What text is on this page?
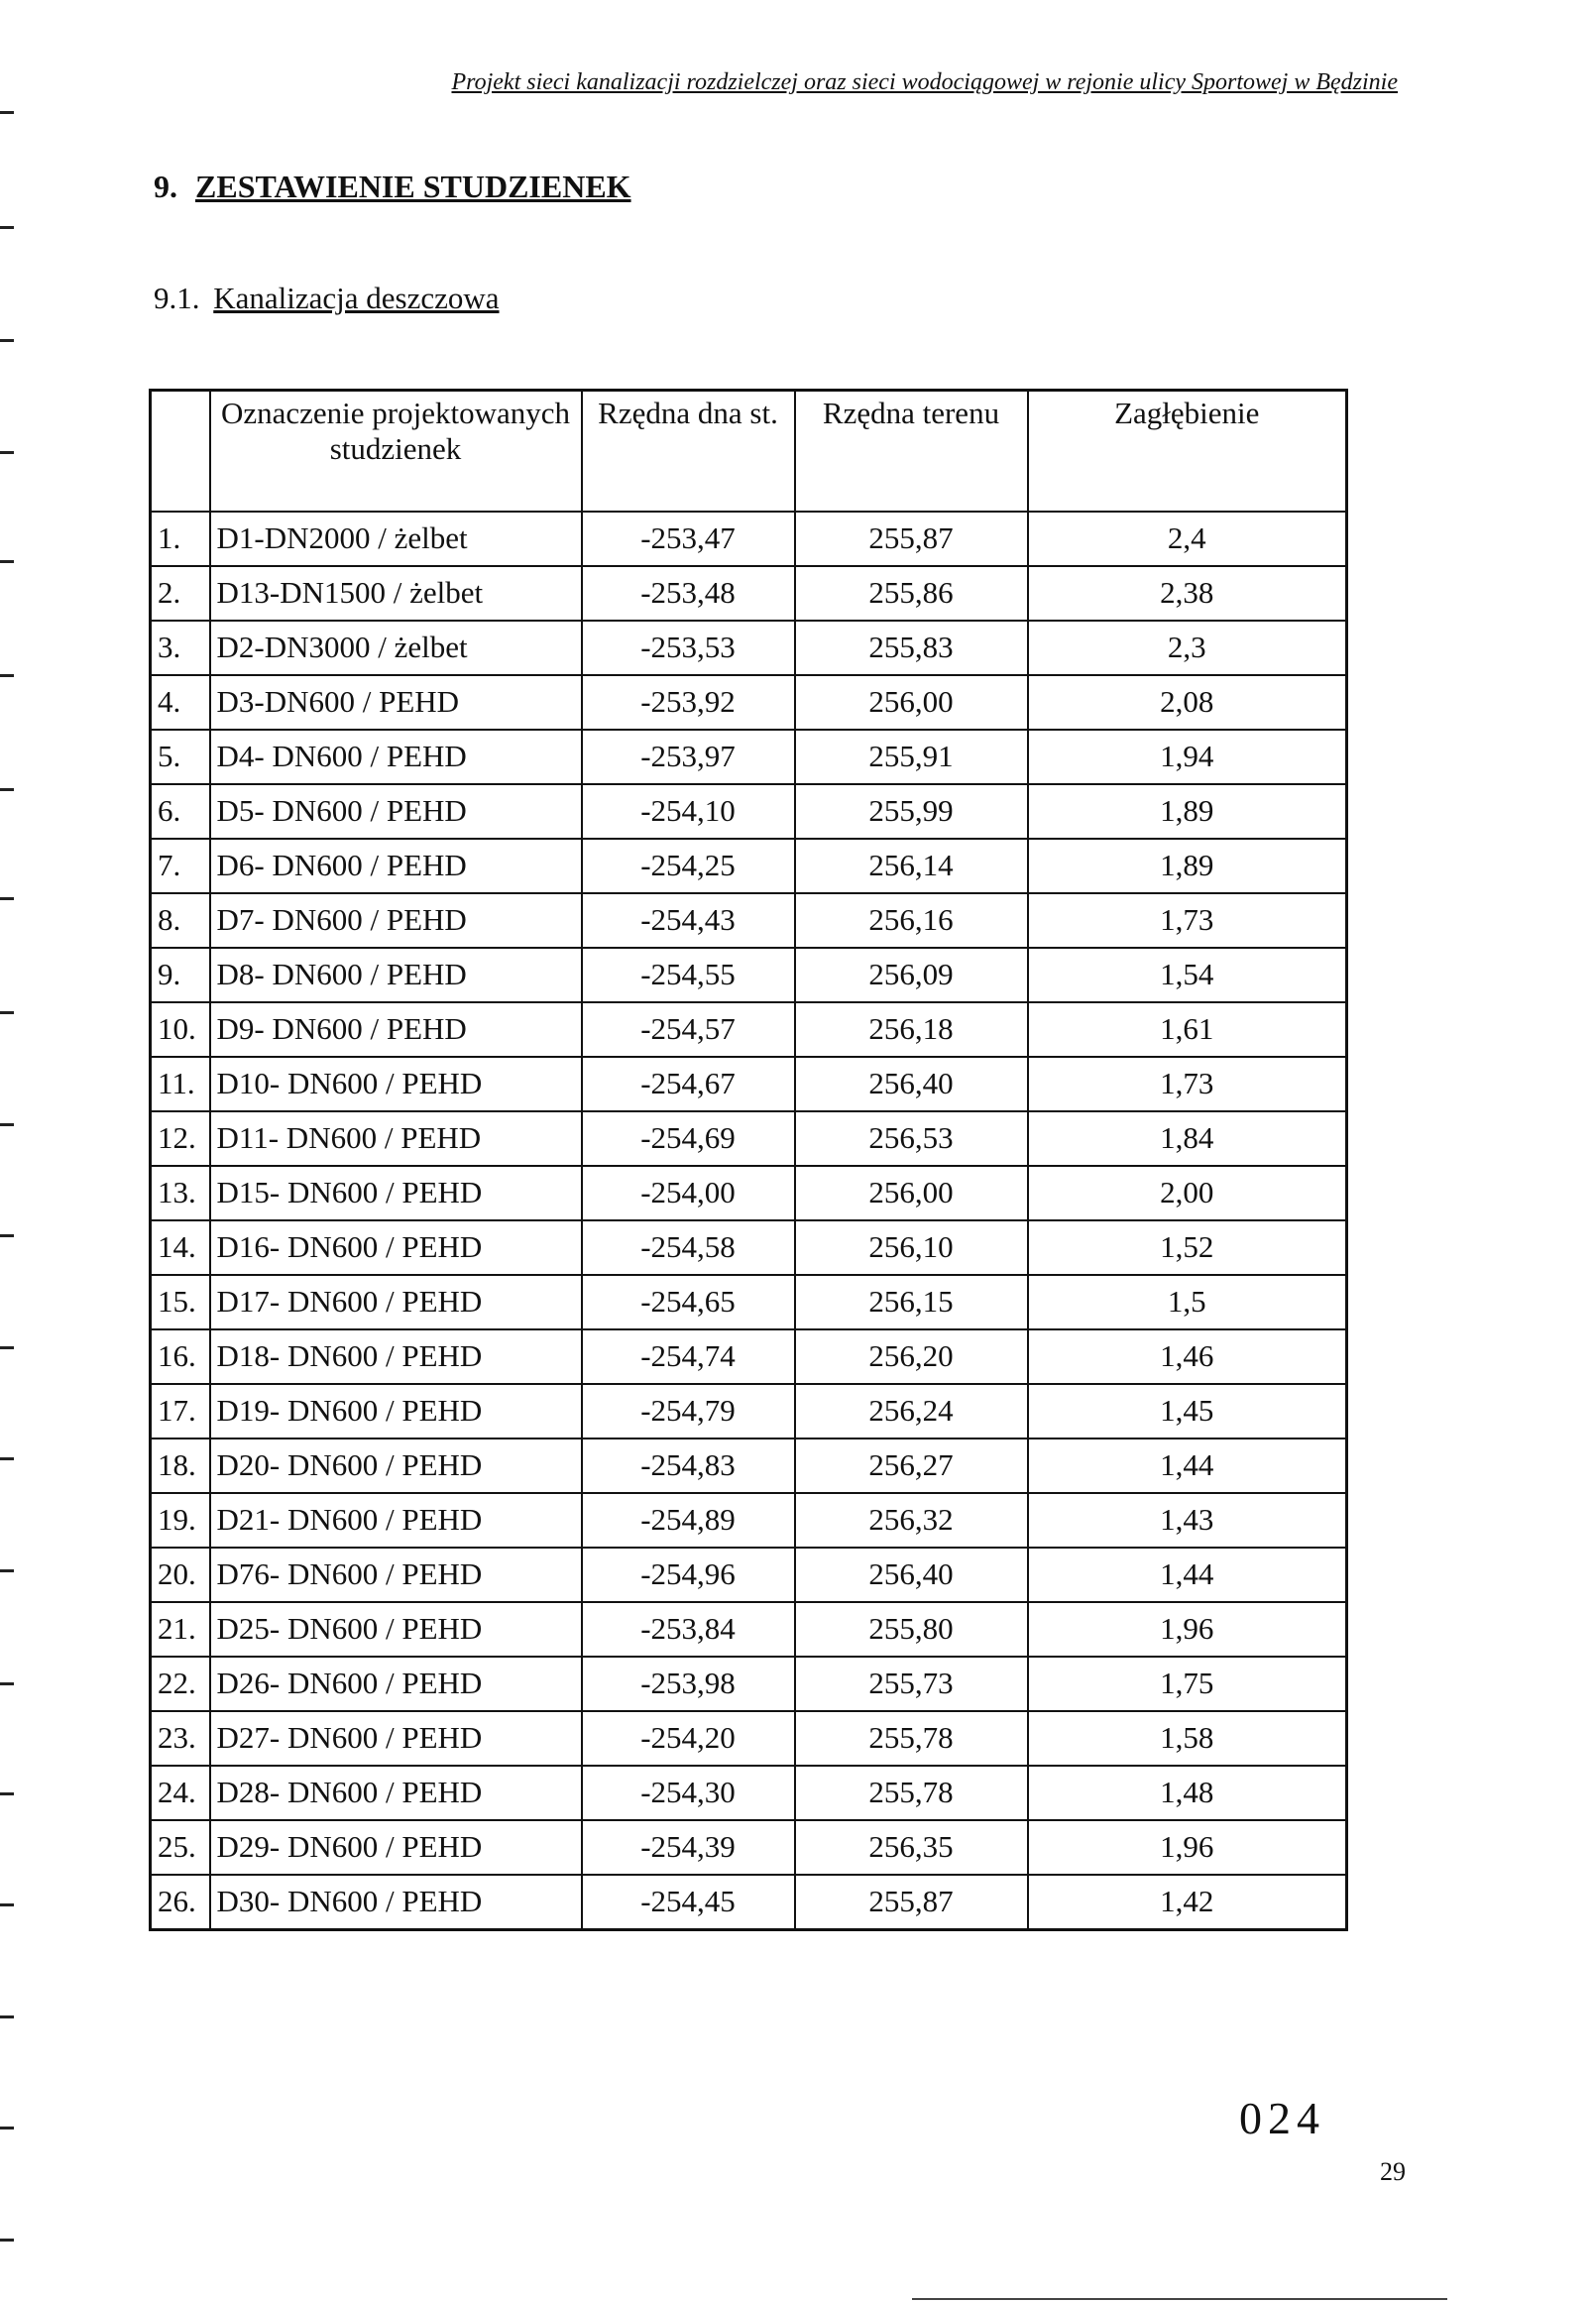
Projekt sieci kanalizacji rozdzielczej oraz sieci wodociągowej w rejonie ulicy Sportowej w Będzinie
9. ZESTAWIENIE STUDZIENEK
9.1. Kanalizacja deszczowa
	Oznaczenie projektowanych studzienek	Rzędna dna st.	Rzędna terenu	Zagłębienie
1.	D1-DN2000 / żelbet	-253,47	255,87	2,4
2.	D13-DN1500 / żelbet	-253,48	255,86	2,38
3.	D2-DN3000 / żelbet	-253,53	255,83	2,3
4.	D3-DN600 / PEHD	-253,92	256,00	2,08
5.	D4- DN600 / PEHD	-253,97	255,91	1,94
6.	D5- DN600 / PEHD	-254,10	255,99	1,89
7.	D6- DN600 / PEHD	-254,25	256,14	1,89
8.	D7- DN600 / PEHD	-254,43	256,16	1,73
9.	D8- DN600 / PEHD	-254,55	256,09	1,54
10.	D9- DN600 / PEHD	-254,57	256,18	1,61
11.	D10- DN600 / PEHD	-254,67	256,40	1,73
12.	D11- DN600 / PEHD	-254,69	256,53	1,84
13.	D15- DN600 / PEHD	-254,00	256,00	2,00
14.	D16- DN600 / PEHD	-254,58	256,10	1,52
15.	D17- DN600 / PEHD	-254,65	256,15	1,5
16.	D18- DN600 / PEHD	-254,74	256,20	1,46
17.	D19- DN600 / PEHD	-254,79	256,24	1,45
18.	D20- DN600 / PEHD	-254,83	256,27	1,44
19.	D21- DN600 / PEHD	-254,89	256,32	1,43
20.	D76- DN600 / PEHD	-254,96	256,40	1,44
21.	D25- DN600 / PEHD	-253,84	255,80	1,96
22.	D26- DN600 / PEHD	-253,98	255,73	1,75
23.	D27- DN600 / PEHD	-254,20	255,78	1,58
24.	D28- DN600 / PEHD	-254,30	255,78	1,48
25.	D29- DN600 / PEHD	-254,39	256,35	1,96
26.	D30- DN600 / PEHD	-254,45	255,87	1,42
024
29
